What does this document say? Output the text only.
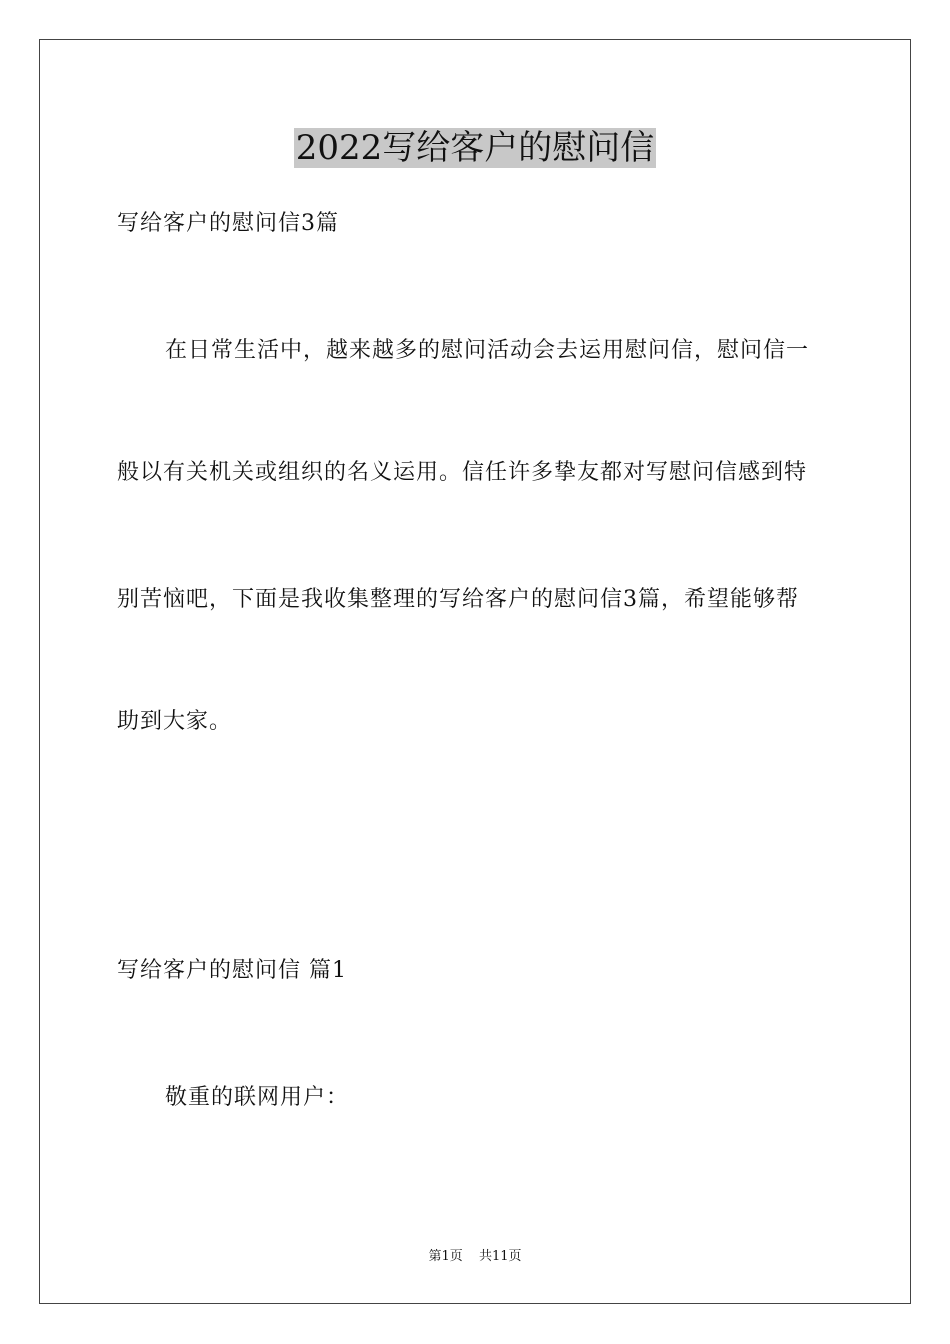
2022写给客户的慰问信
写给客户的慰问信3篇
在日常生活中，越来越多的慰问活动会去运用慰问信，慰问信一
般以有关机关或组织的名义运用。信任许多挚友都对写慰问信感到特
别苦恼吧，下面是我收集整理的写给客户的慰问信3篇，希望能够帮
助到大家。
写给客户的慰问信 篇1
敬重的联网用户：
第1页 共11页
